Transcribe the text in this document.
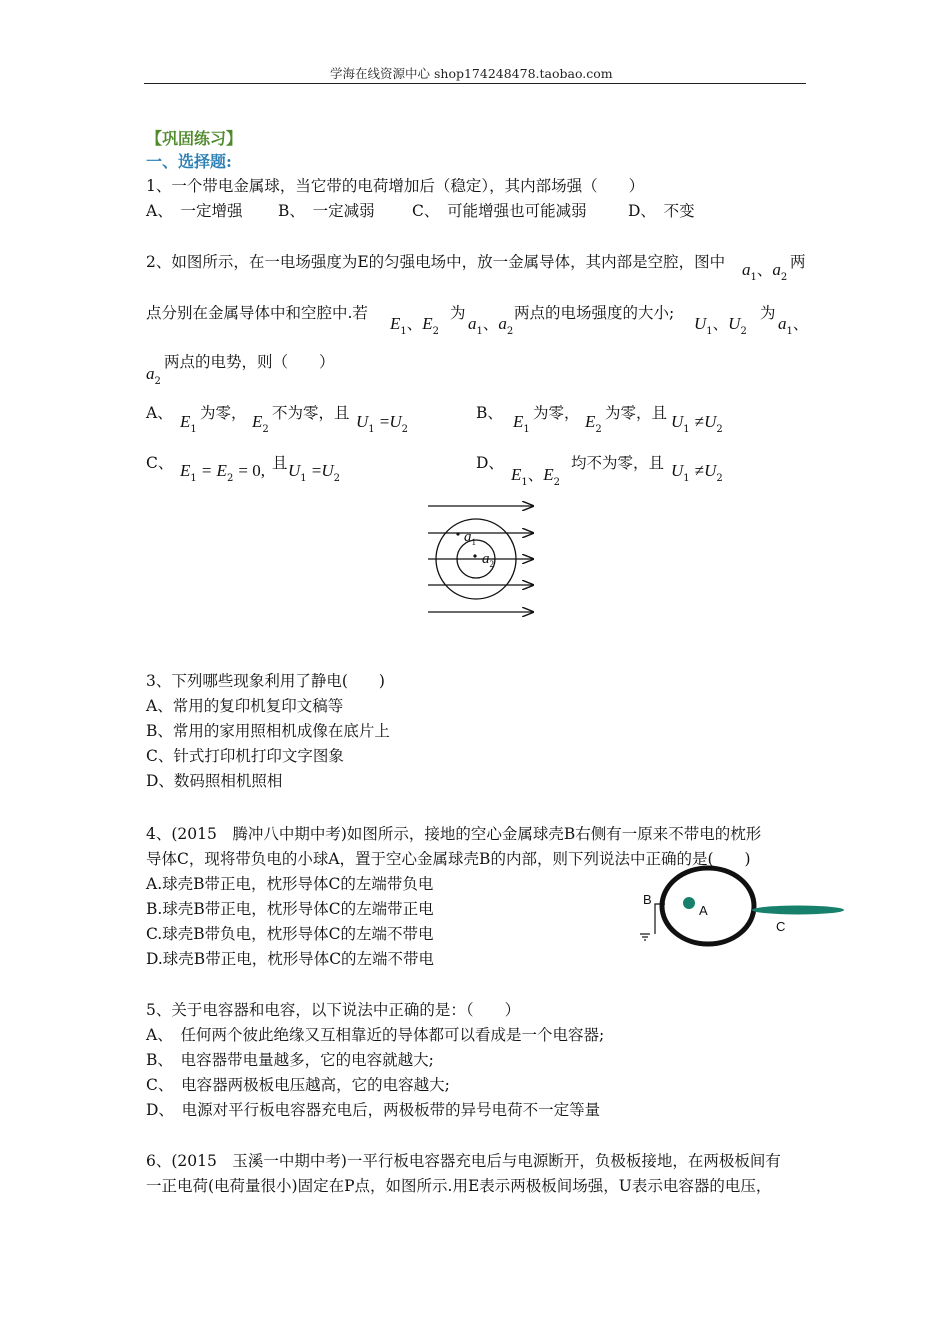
学海在线资源中心 shop174248478.taobao.com
【巩固练习】
一、选择题:
1、一个带电金属球，当它带的电荷增加后（稳定），其内部场强（　　）
A、　一定增强 B、　一定减弱 C、　可能增强也可能减弱	D、　不变
2、如图所示，在一电场强度为E的匀强电场中，放一金属导体，其内部是空腔，图中 $a_1$、$a_2$
两
点分别在金属导体中和空腔中.若
$E_1$、$E_2$
为
$a_1$、$a_2$
两点的电场强度的大小;
$U_1$、$U_2$
为
$a_1$、
$a_2$
两点的电势，则（　　）
A、 $E_1$
为零， $E_2$
不为零，且 $U_1 =U_2$
B、 $E_1$
为零， $E_2$
为零，且 $U_1 \ne U_2$
C、 $E_1 = E_2 = 0$, 且 $U_1 =U_2$
D、
$E_1$、$E_2$
均不为零，且 $U_1 \ne U_2$
$a_1$
$a_2$
3、下列哪些现象利用了静电(　　)
A、常用的复印机复印文稿等
B、常用的家用照相机成像在底片上
C、针式打印机打印文字图象
D、数码照相机照相
4、(2015　腾冲八中期中考)如图所示，接地的空心金属球壳B右侧有一原来不带电的枕形
导体C，现将带负电的小球A，置于空心金属球壳B的内部，则下列说法中正确的是(　　)
A.球壳B带正电，枕形导体C的左端带负电
B.球壳B带正电，枕形导体C的左端带正电
C.球壳B带负电，枕形导体C的左端不带电
D.球壳B带正电，枕形导体C的左端不带电
B
A
C
5、关于电容器和电容，以下说法中正确的是：（　　）
A、　任何两个彼此绝缘又互相靠近的导体都可以看成是一个电容器;
B、　电容器带电量越多，它的电容就越大;
C、　电容器两极板电压越高，它的电容越大;
D、　电源对平行板电容器充电后，两极板带的异号电荷不一定等量
6、(2015　玉溪一中期中考)一平行板电容器充电后与电源断开，负极板接地，在两极板间有
一正电荷(电荷量很小)固定在P点，如图所示.用E表示两极板间场强，U表示电容器的电压，
